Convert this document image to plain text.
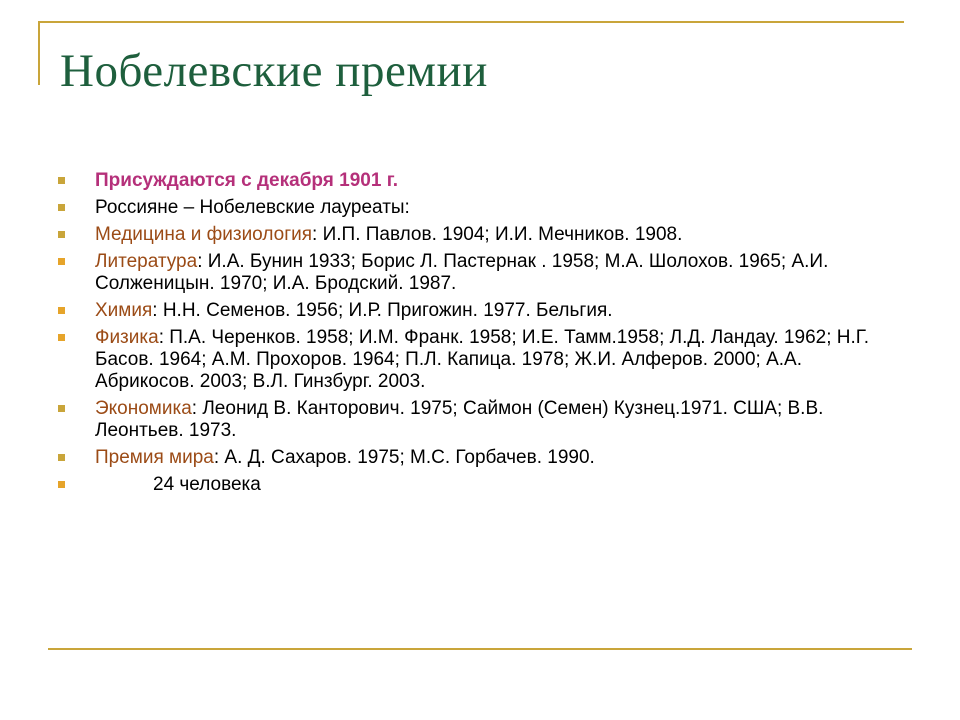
Нобелевские премии
Присуждаются с декабря 1901 г.
Россияне – Нобелевские лауреаты:
Медицина и физиология: И.П. Павлов. 1904; И.И. Мечников. 1908.
Литература: И.А. Бунин 1933; Борис Л. Пастернак . 1958; М.А. Шолохов. 1965; А.И. Солженицын. 1970; И.А. Бродский. 1987.
Химия: Н.Н. Семенов. 1956; И.Р. Пригожин. 1977. Бельгия.
Физика: П.А. Черенков. 1958; И.М. Франк. 1958; И.Е. Тамм.1958; Л.Д. Ландау. 1962; Н.Г. Басов. 1964; А.М. Прохоров. 1964; П.Л. Капица. 1978; Ж.И. Алферов. 2000; А.А. Абрикосов. 2003; В.Л. Гинзбург. 2003.
Экономика: Леонид В. Канторович. 1975; Саймон (Семен) Кузнец.1971. США; В.В. Леонтьев. 1973.
Премия мира: А. Д. Сахаров. 1975; М.С. Горбачев. 1990.
24 человека
